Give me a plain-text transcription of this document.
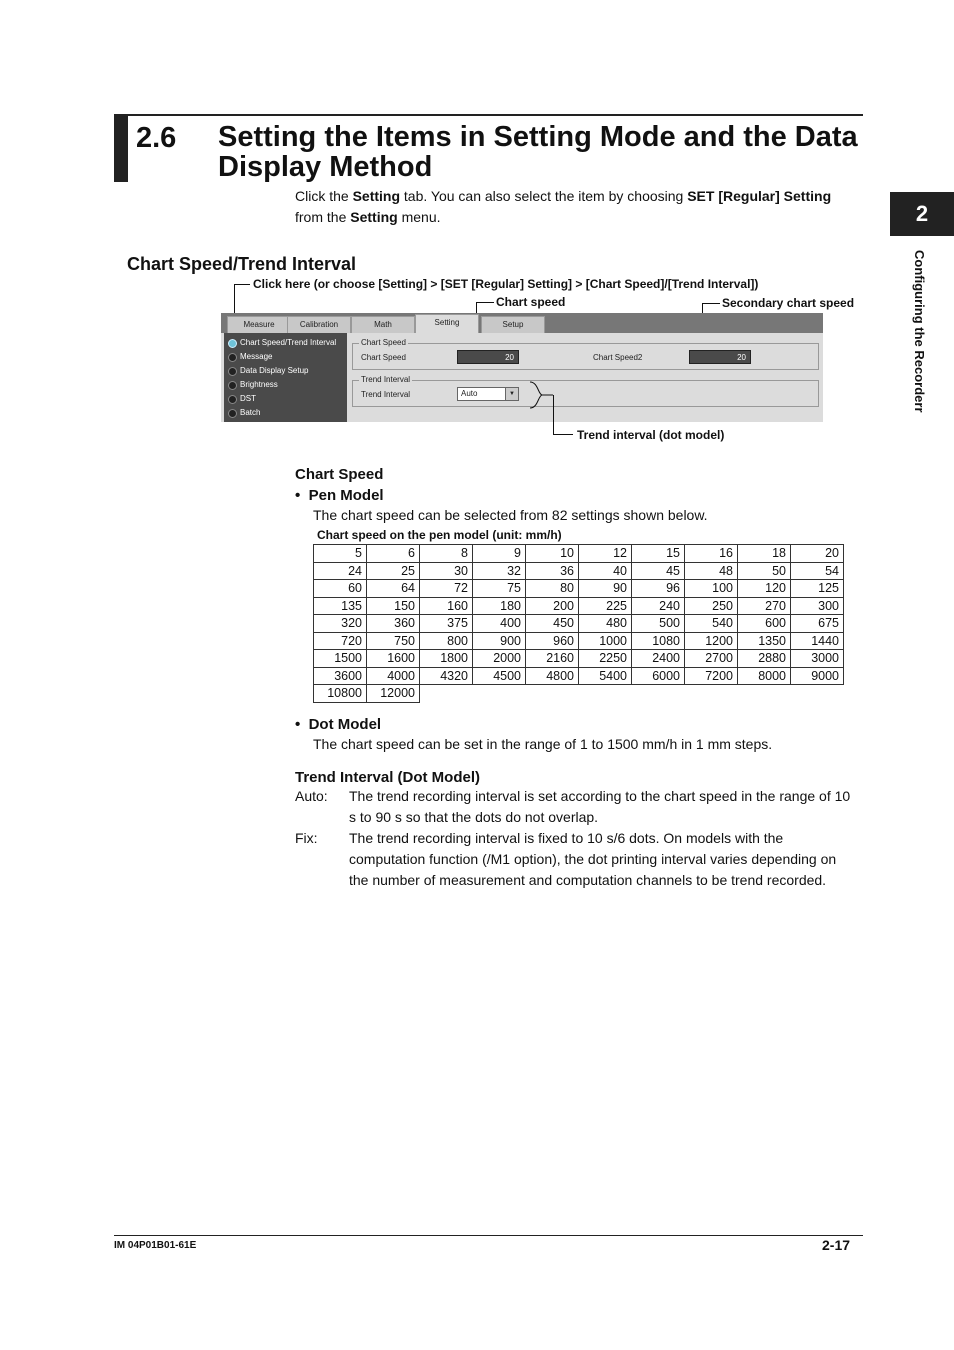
2.6 Setting the Items in Setting Mode and the Data Display Method
Click the Setting tab. You can also select the item by choosing SET [Regular] Setting
from the Setting menu.	2
Configuring the Recorderr
Chart Speed/Trend Interval
Click here (or choose [Setting] > [SET [Regular] Setting] > [Chart Speed]/[Trend Interval])
Chart speed	Secondary chart speed
Measure	Calibration	Math	Setting	Setup
Chart Speed/Trend Interval
Message
Data Display Setup
Brightness
DST
Batch
Chart Speed
Chart Speed	20	Chart Speed2	20
Trend Interval
Trend Interval	Auto	▼
Trend interval (dot model)
Chart Speed
•  Pen Model
The chart speed can be selected from 82 settings shown below.
Chart speed on the pen model (unit: mm/h)
5	6	8	9	10	12	15	16	18	20
24	25	30	32	36	40	45	48	50	54
60	64	72	75	80	90	96	100	120	125
135	150	160	180	200	225	240	250	270	300
320	360	375	400	450	480	500	540	600	675
720	750	800	900	960	1000	1080	1200	1350	1440
1500	1600	1800	2000	2160	2250	2400	2700	2880	3000
3600	4000	4320	4500	4800	5400	6000	7200	8000	9000
10800	12000								
•  Dot Model
The chart speed can be set in the range of 1 to 1500 mm/h in 1 mm steps.
Trend Interval (Dot Model)
Auto: The trend recording interval is set according to the chart speed in the range of 10 s to 90 s so that the dots do not overlap.
Fix: The trend recording interval is fixed to 10 s/6 dots. On models with the computation function (/M1 option), the dot printing interval varies depending on the number of measurement and computation channels to be trend recorded.
IM 04P01B01-61E	2-17
